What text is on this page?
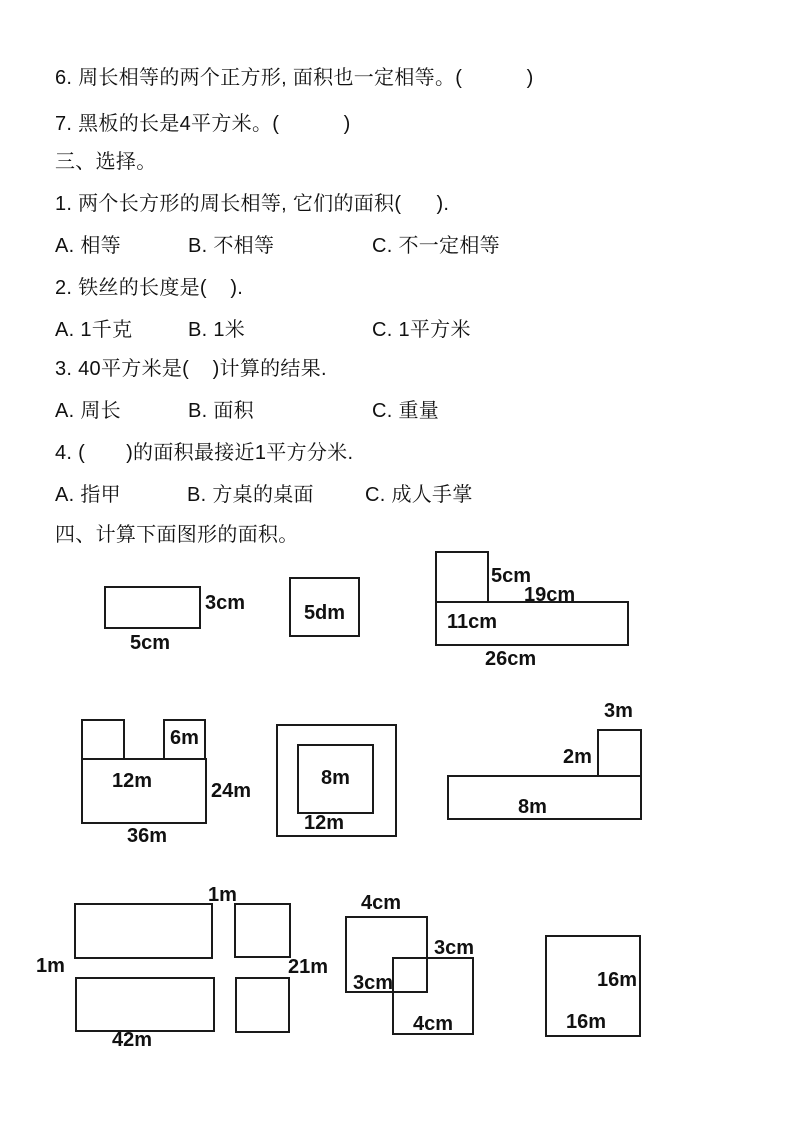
6. 周长相等的两个正方形, 面积也一定相等。(           )
7. 黑板的长是4平方米。(           )
三、选择。
1. 两个长方形的周长相等, 它们的面积(      ).
A. 相等	B. 不相等	C. 不一定相等
2. 铁丝的长度是(    ).
A. 1千克	B. 1米	C. 1平方米
3. 40平方米是(    )计算的结果.
A. 周长	B. 面积	C. 重量
4. (       )的面积最接近1平方分米.
A. 指甲	B. 方桌的桌面	C. 成人手掌
四、计算下面图形的面积。
3cm
5cm
5dm
5cm
19cm
11cm
26cm
6m
12m	24m
36m
8m
12m
3m
2m
8m
1m
1m	21m
42m
4cm
3cm
3cm
4cm
16m
16m
